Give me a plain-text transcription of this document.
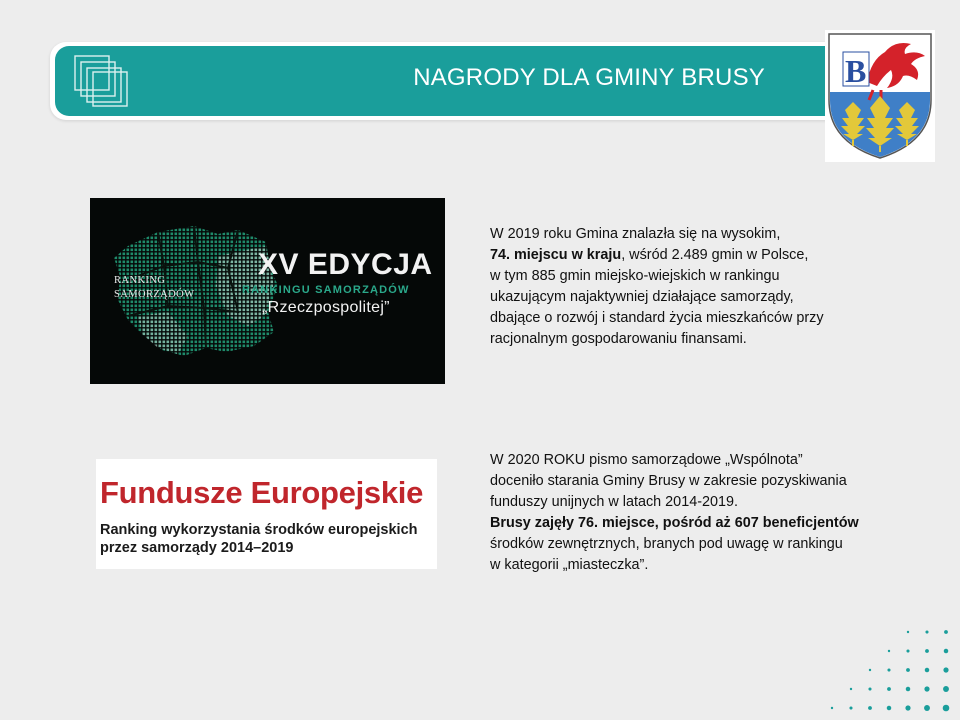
NAGRODY DLA GMINY BRUSY	B
RANKING
SAMORZĄDÓW
XV EDYCJA
RANKINGU SAMORZĄDÓW
„Rzeczpospolitej”
Fundusze Europejskie
Ranking wykorzystania środków europejskich
przez samorządy 2014–2019
W 2019 roku Gmina znalazła się na wysokim,
74. miejscu w kraju, wśród 2.489 gmin w Polsce,
w tym 885 gmin miejsko-wiejskich w rankingu
ukazującym najaktywniej działające samorządy,
dbające o rozwój i standard życia mieszkańców przy
racjonalnym gospodarowaniu finansami.
W 2020 ROKU pismo samorządowe „Wspólnota”
doceniło starania Gminy Brusy w zakresie pozyskiwania
funduszy unijnych w latach 2014-2019.
Brusy zajęły 76. miejsce, pośród aż 607 beneficjentów
środków zewnętrznych, branych pod uwagę w rankingu
w kategorii „miasteczka”.
